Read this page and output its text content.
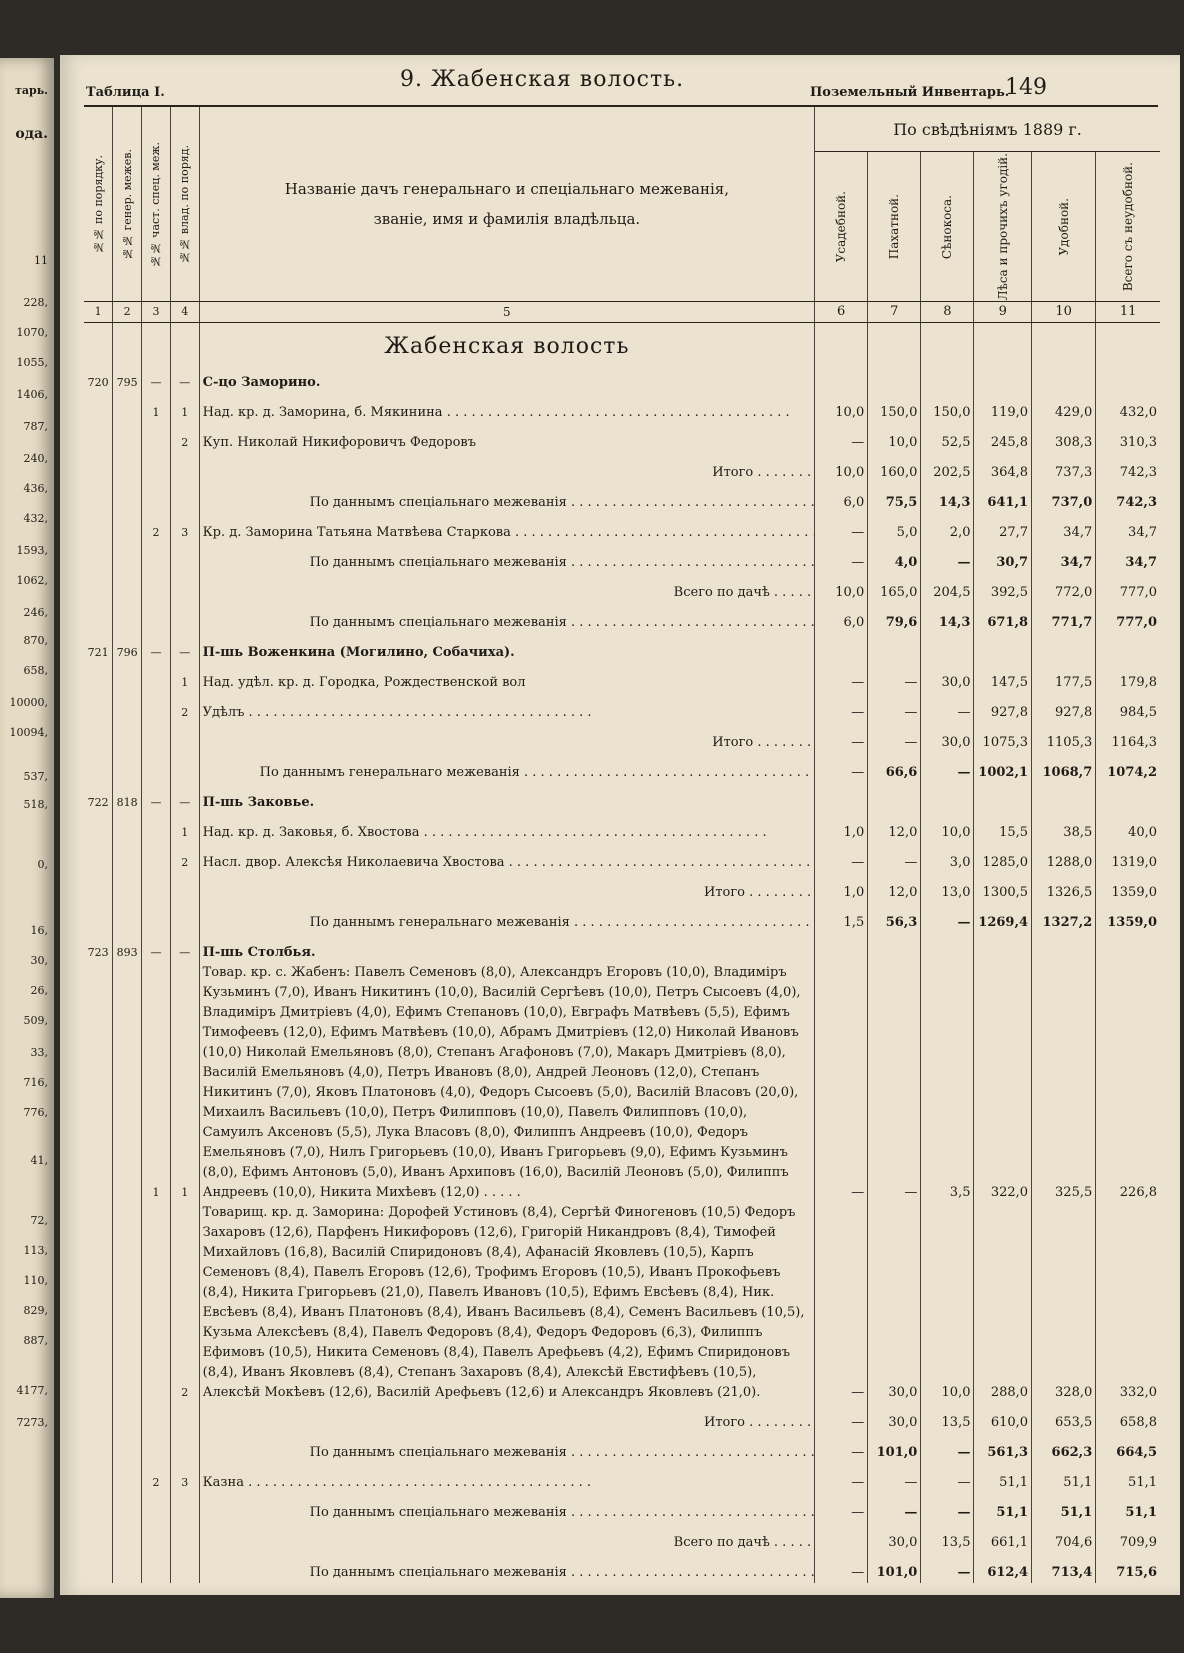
тарь.
ода.
11
228,
1070,
1055,
1406,
787,
240,
436,
432,
1593,
1062,
246,
870,
658,
10000,
10094,
537,
518,
0,
16,
30,
26,
509,
33,
716,
776,
41,
72,
113,
110,
829,
887,
4177,
7273,
Таблица I.
9. Жабенская волость.
Поземельный Инвентарь.
149
№№ по порядку.	№№ генер. межев.	№№ част. спец. меж.	№№ влад. по поряд.	Названіе дачъ генеральнаго и спеціальнаго межеванія, званіе, имя и фамилія владѣльца.	По свѣдѣніямъ 1889 г.					

					Усадебной.	Пахатной.	Сѣнокоса.	Лѣса и прочихъ угодій.	Удобной.	Всего съ неудобной.

1	2	3	4	5	6	7	8	9	10	11
				Жабенская волость						
720	795	—	—	С-цо Заморино.						
		1	1	Над. кр. д. Заморина, б. Мякинина . . .	10,0	150,0	150,0	119,0	429,0	432,0
			2	Куп. Николай Никифоровичъ Федоровъ	—	10,0	52,5	245,8	308,3	310,3
				Итого . . . . . . .	10,0	160,0	202,5	364,8	737,3	742,3
				По даннымъ спеціальнаго межеванія . . .	6,0	75,5	14,3	641,1	737,0	742,3
		2	3	Кр. д. Заморина Татьяна Матвѣева Старкова . . .	—	5,0	2,0	27,7	34,7	34,7
				По даннымъ спеціальнаго межеванія . . .	—	4,0	—	30,7	34,7	34,7
				Всего по дачѣ . . . . .	10,0	165,0	204,5	392,5	772,0	777,0
				По даннымъ спеціальнаго межеванія . . .	6,0	79,6	14,3	671,8	771,7	777,0
721	796	—	—	П-шь Воженкина (Могилино, Собачиха).						
			1	Над. удѣл. кр. д. Городка, Рождественской вол	—	—	30,0	147,5	177,5	179,8
			2	Удѣлъ . . .	—	—	—	927,8	927,8	984,5
				Итого . . . . . . .	—	—	30,0	1075,3	1105,3	1164,3
				По даннымъ генеральнаго межеванія . . .	—	66,6	—	1002,1	1068,7	1074,2
722	818	—	—	П-шь Заковье.						
			1	Над. кр. д. Заковья, б. Хвостова . . .	1,0	12,0	10,0	15,5	38,5	40,0
			2	Насл. двор. Алексѣя Николаевича Хвостова . . .	—	—	3,0	1285,0	1288,0	1319,0
				Итого . . . . . . . .	1,0	12,0	13,0	1300,5	1326,5	1359,0
				По даннымъ генеральнаго межеванія . . .	1,5	56,3	—	1269,4	1327,2	1359,0
723	893	—	—	П-шь Столбья.						
		1	1	Товар. кр. с. Жабенъ: Павелъ Семеновъ (8,0), Александръ Егоровъ (10,0), Владиміръ Кузьминъ (7,0), Иванъ Никитинъ (10,0), Василій Сергѣевъ (10,0), Петръ Сысоевъ (4,0), Владиміръ Дмитріевъ (4,0), Ефимъ Степановъ (10,0), Евграфъ Матвѣевъ (5,5), Ефимъ Тимофеевъ (12,0), Ефимъ Матвѣевъ (10,0), Абрамъ Дмитріевъ (12,0) Николай Ивановъ (10,0) Николай Емельяновъ (8,0), Степанъ Агафоновъ (7,0), Макаръ Дмитріевъ (8,0), Василій Емельяновъ (4,0), Петръ Ивановъ (8,0), Андрей Леоновъ (12,0), Степанъ Никитинъ (7,0), Яковъ Платоновъ (4,0), Федоръ Сысоевъ (5,0), Василій Власовъ (20,0), Михаилъ Васильевъ (10,0), Петръ Филипповъ (10,0), Павелъ Филипповъ (10,0), Самуилъ Аксеновъ (5,5), Лука Власовъ (8,0), Филиппъ Андреевъ (10,0), Федоръ Емельяновъ (7,0), Нилъ Григорьевъ (10,0), Иванъ Григорьевъ (9,0), Ефимъ Кузьминъ (8,0), Ефимъ Антоновъ (5,0), Иванъ Архиповъ (16,0), Василій Леоновъ (5,0), Филиппъ Андреевъ (10,0), Никита Михѣевъ (12,0) . . . . .	—	—	3,5	322,0	325,5	226,8
			2	Товарищ. кр. д. Заморина: Дорофей Устиновъ (8,4), Сергѣй Финогеновъ (10,5) Федоръ Захаровъ (12,6), Парфенъ Никифоровъ (12,6), Григорій Никандровъ (8,4), Тимофей Михайловъ (16,8), Василій Спиридоновъ (8,4), Афанасій Яковлевъ (10,5), Карпъ Семеновъ (8,4), Павелъ Егоровъ (12,6), Трофимъ Егоровъ (10,5), Иванъ Прокофьевъ (8,4), Никита Григорьевъ (21,0), Павелъ Ивановъ (10,5), Ефимъ Евсѣевъ (8,4), Ник. Евсѣевъ (8,4), Иванъ Платоновъ (8,4), Иванъ Васильевъ (8,4), Семенъ Васильевъ (10,5), Кузьма Алексѣевъ (8,4), Павелъ Федоровъ (8,4), Федоръ Федоровъ (6,3), Филиппъ Ефимовъ (10,5), Никита Семеновъ (8,4), Павелъ Арефьевъ (4,2), Ефимъ Спиридоновъ (8,4), Иванъ Яковлевъ (8,4), Степанъ Захаровъ (8,4), Алексѣй Евстифѣевъ (10,5), Алексѣй Мокѣевъ (12,6), Василій Арефьевъ (12,6) и Александръ Яковлевъ (21,0).	—	30,0	10,0	288,0	328,0	332,0
				Итого . . . . . . . .	—	30,0	13,5	610,0	653,5	658,8
				По даннымъ спеціальнаго межеванія . . .	—	101,0	—	561,3	662,3	664,5
		2	3	Казна . . .	—	—	—	51,1	51,1	51,1
				По даннымъ спеціальнаго межеванія . . .	—	—	—	51,1	51,1	51,1
				Всего по дачѣ . . . . .		30,0	13,5	661,1	704,6	709,9
				По даннымъ спеціальнаго межеванія . . .	—	101,0	—	612,4	713,4	715,6
